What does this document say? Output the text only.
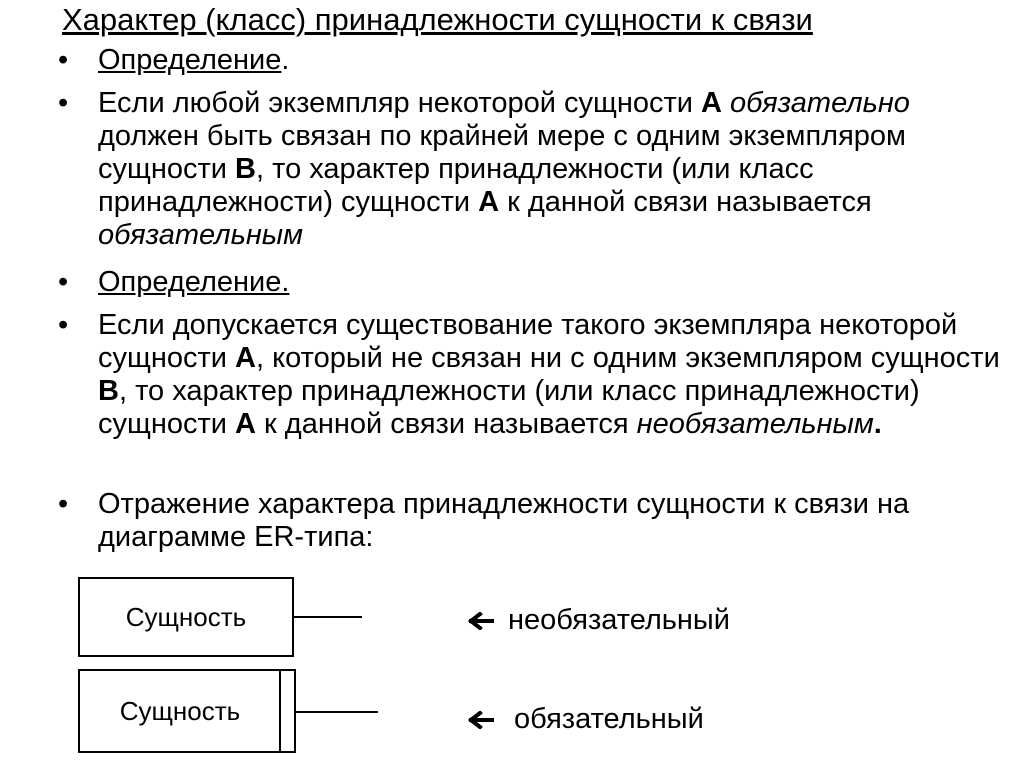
Характер (класс) принадлежности сущности к связи
• Определение.
• Если любой экземпляр некоторой сущности А обязательно должен быть связан по крайней мере с одним экземпляром сущности В, то характер принадлежности (или класс принадлежности) сущности А к данной связи называется обязательным
• Определение.
• Если допускается существование такого экземпляра некоторой сущности А, который не связан ни с одним экземпляром сущности В, то характер принадлежности (или класс принадлежности) сущности А к данной связи называется необязательным.
• Отражение характера принадлежности сущности к связи на диаграмме ER-типа:
Сущность
Сущность
необязательный
обязательный
